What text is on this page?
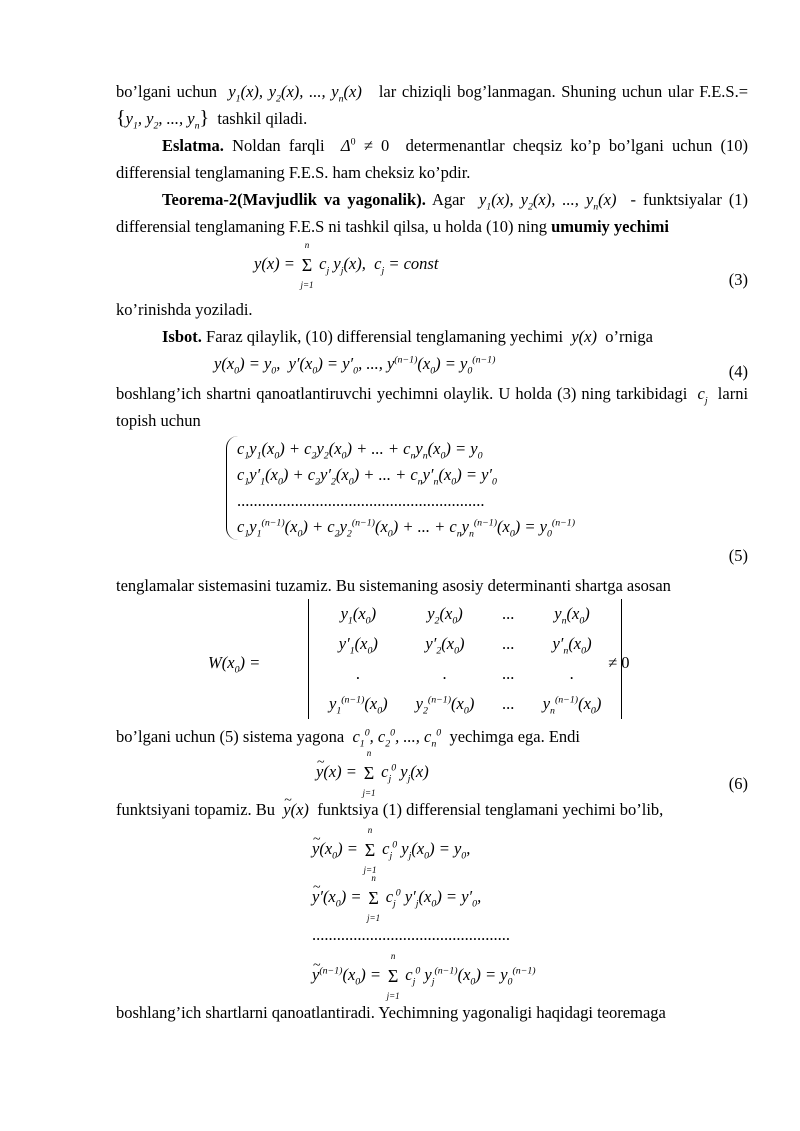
bo’lgani uchun  $y_1(x)$, $y_2(x)$, ..., $y_n(x)$   lar chiziqli bog’lanmagan. Shuning uchun ular $F.E.S.=\{y_1$, $y_2$, ..., $y_n$} tashkil qiladi.

Eslatma. Noldan farqli  $\Delta^0 \ne 0$ determenantlar cheqsiz ko’p bo’lgani uchun (10) differensial tenglamaning F.E.S. ham cheksiz ko’pdir.

Teorema-2(Mavjudlik va yagonalik). Agar  $y_1(x)$, $y_2(x)$, ..., $y_n(x)$  - funktsiyalar (1) differensial tenglamaning F.E.S ni tashkil qilsa, u holda (10) ning umumiy yechimi

y(x) =
n
Σ
j=1
$c_j$ $y_j(x)$,  $c_j$ = const
(3)

ko’rinishda yoziladi.

Isbot. Faraz qilaylik, (10) differensial tenglamaning yechimi  y(x)  o’rniga

$y(x_0) = y_0$,  $y'(x_0) = y'_0$, ..., $y^{(n-1)}(x_0) = y_0^{(n-1)}$
(4)

boshlang’ich shartni qanoatlantiruvchi yechimni olaylik. U holda (3) ning tarkibidagi  $c_j$ larni topish uchun

$c_1y_1(x_0) + c_2y_2(x_0)$ + ... + $c_ny_n(x_0) = y_0$
$c_1y'_1(x_0) + c_2y'_2(x_0)$ + ... + $c_ny'_n(x_0) = y'_0$
............................................................
$c_1y_1^{(n-1)}(x_0) + c_2y_2^{(n-1)}(x_0)$ + ... + $c_ny_n^{(n-1)}(x_0) = y_0^{(n-1)}$
(5)

tenglamalar sistemasini tuzamiz. Bu sistemaning asosiy determinanti shartga asosan

$W(x_0)$ =
$y_1(x_0)$	$y_2(x_0)$	...	$y_n(x_0)$
$y'_1(x_0)$	$y'_2(x_0)$	...	$y'_n(x_0)$
.	.	...	.
$y_1^{(n-1)}(x_0)$	$y_2^{(n-1)}(x_0)$	...	$y_n^{(n-1)}(x_0)$
≠ 0

bo’lgani uchun (5) sistema yagona  $c_1^0$, $c_2^0$, ..., $c_n^0$ yechimga ega. Endi

~ y(x) =
n
Σ
j=1
$c_j^0$ $y_j(x)$
(6)

funktsiyani topamiz. Bu ~ y(x)  funktsiya (1) differensial tenglamani yechimi bo’lib,

~ $y(x_0)$ =
n
Σ
j=1
$c_j^0$ $y_j(x_0) = y_0$,
~ $y'(x_0)$ =
n
Σ
j=1
$c_j^0$ $y'_j(x_0) = y'_0$,
................................................
~ $y^{(n-1)}(x_0)$ =
n
Σ
j=1
$c_j^0$ $y_j^{(n-1)}(x_0) = y_0^{(n-1)}$

boshlang’ich shartlarni qanoatlantiradi. Yechimning yagonaligi haqidagi teoremaga
